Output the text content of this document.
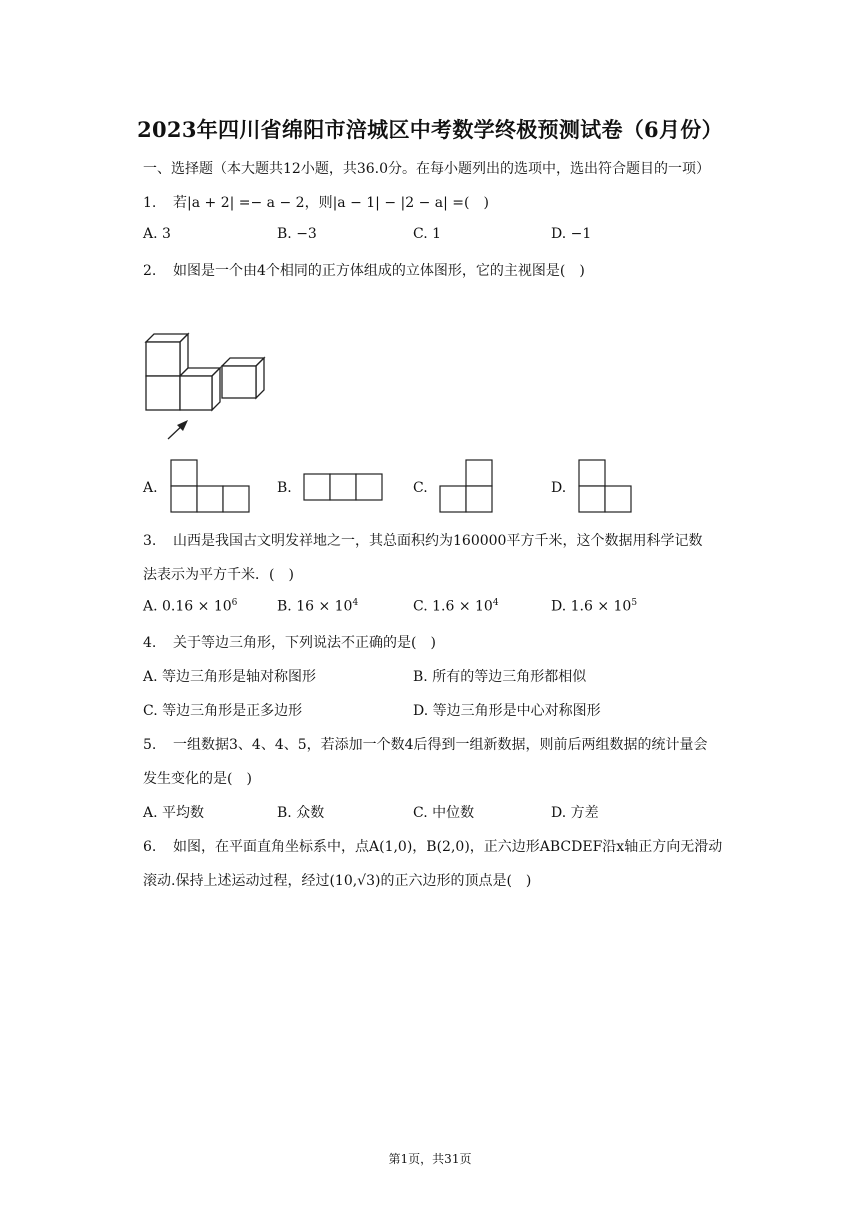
2023年四川省绵阳市涪城区中考数学终极预测试卷（6月份）
一、选择题（本大题共12小题，共36.0分。在每小题列出的选项中，选出符合题目的一项）
1. 若|a + 2| =− a − 2，则|a − 1| − |2 − a| =(　)
A. 3	B. −3	C. 1	D. −1
2. 如图是一个由4个相同的正方体组成的立体图形，它的主视图是(　)
A.	B.	C.	D.
3. 山西是我国古文明发祥地之一，其总面积约为160000平方千米，这个数据用科学记数
法表示为平方千米．(　)
A. $0.16 \times 10^6$	B. $16 \times 10^4$	C. $1.6 \times 10^4$	D. $1.6 \times 10^5$
4. 关于等边三角形，下列说法不正确的是(　)
A. 等边三角形是轴对称图形	B. 所有的等边三角形都相似
C. 等边三角形是正多边形	D. 等边三角形是中心对称图形
5. 一组数据3、4、4、5，若添加一个数4后得到一组新数据，则前后两组数据的统计量会
发生变化的是(　)
A. 平均数	B. 众数	C. 中位数	D. 方差
6. 如图，在平面直角坐标系中，点A(1,0)，B(2,0)，正六边形ABCDEF沿x轴正方向无滑动
滚动.保持上述运动过程，经过(10,√3)的正六边形的顶点是(　)
第1页，共31页
